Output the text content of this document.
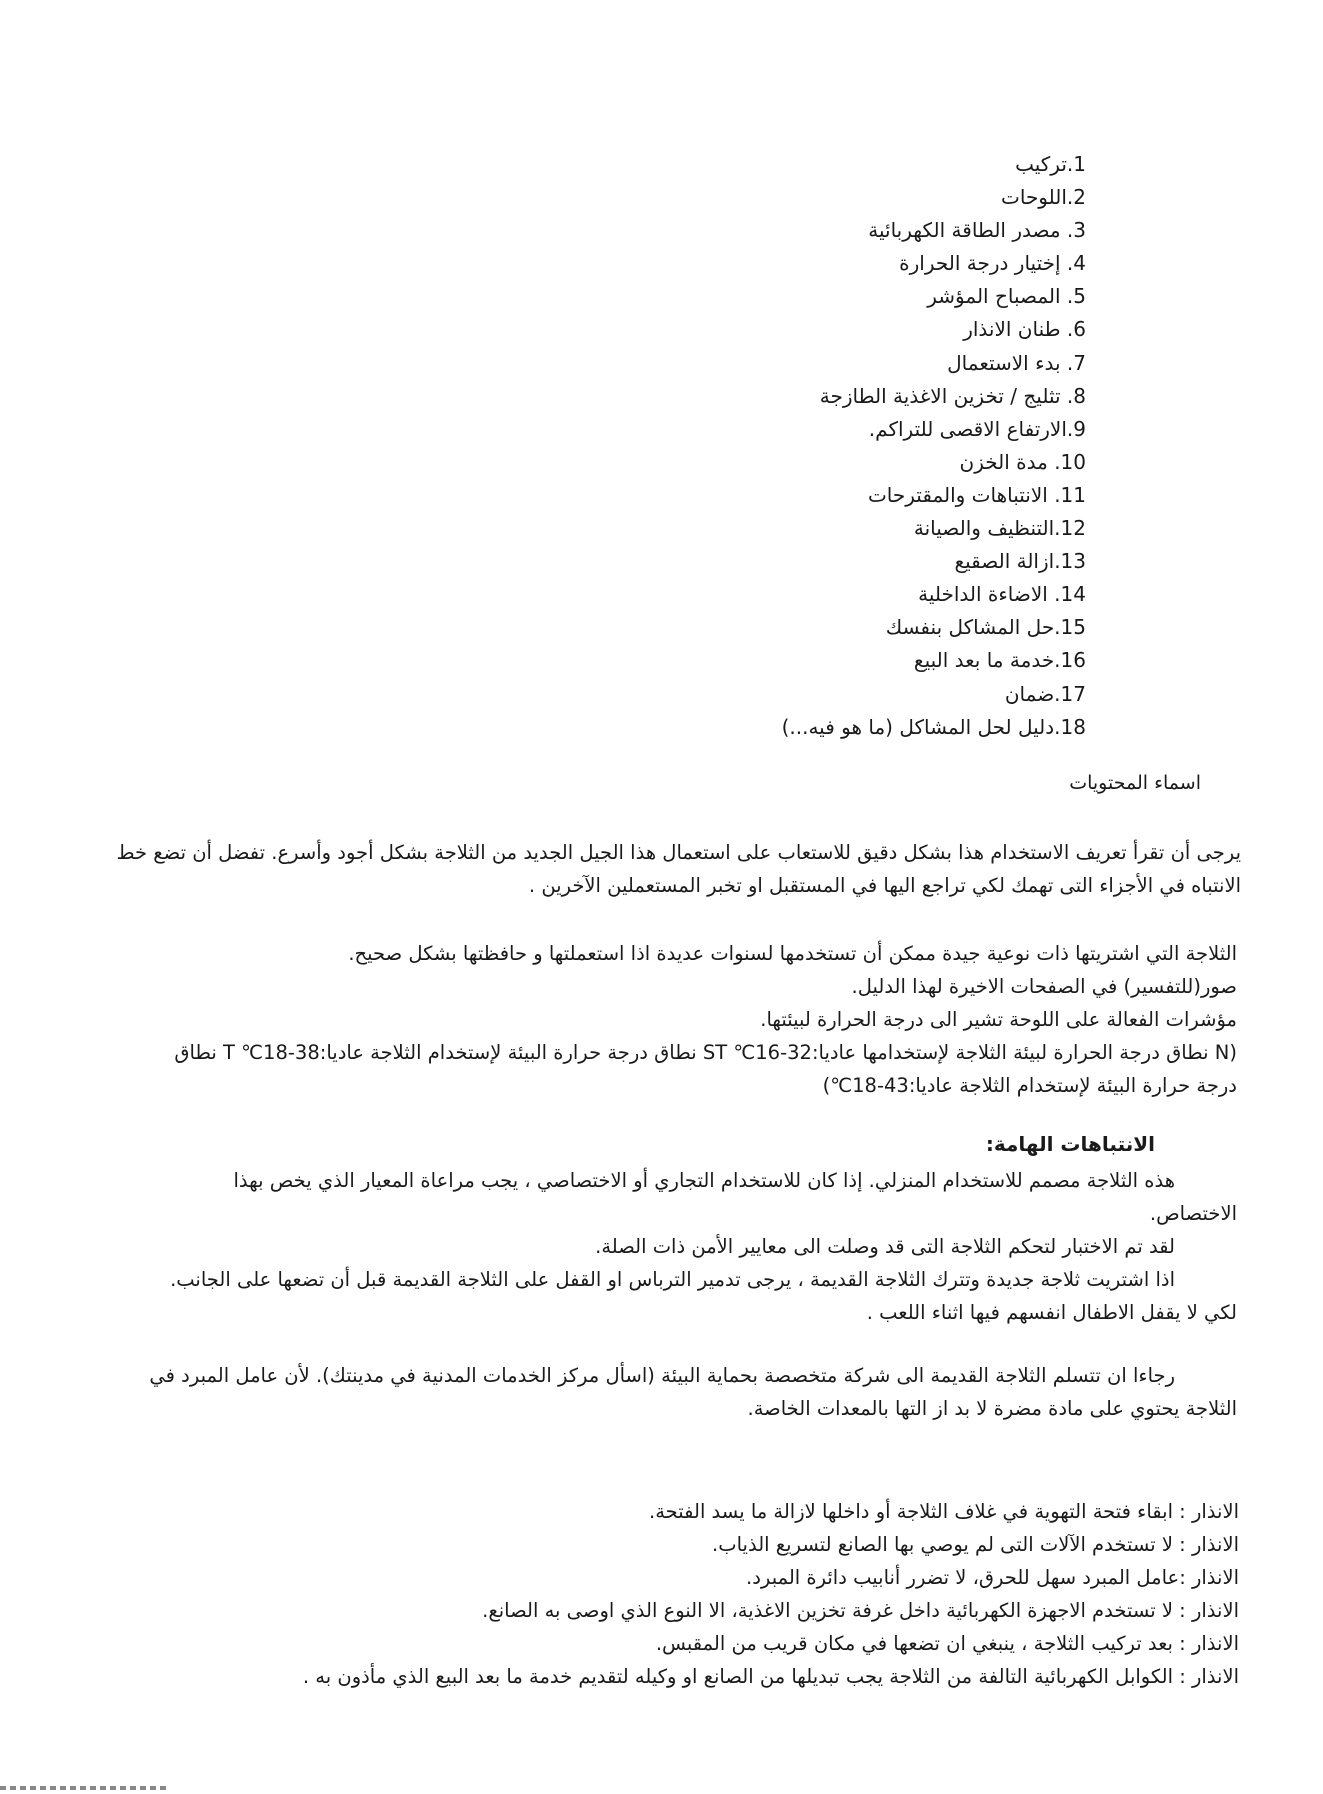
1.تركيب
2.اللوحات
3. مصدر الطاقة الكهربائية
4. إختيار درجة الحرارة
5. المصباح المؤشر
6. طنان الانذار
7. بدء الاستعمال
8. تثليج / تخزين الاغذية الطازجة
9.الارتفاع الاقصى للتراكم.
10. مدة الخزن
11. الانتباهات والمقترحات
12.التنظيف والصيانة
13.ازالة الصقيع
14. الاضاءة الداخلية
15.حل المشاكل بنفسك
16.خدمة ما بعد البيع
17.ضمان
18.دليل لحل المشاكل (ما هو فيه...)
اسماء المحتويات
يرجى أن تقرأ تعريف الاستخدام هذا بشكل دقيق للاستعاب على استعمال هذا الجيل الجديد من الثلاجة بشكل أجود وأسرع. تفضل أن تضع خط الانتباه في الأجزاء التى تهمك لكي تراجع اليها في المستقبل او تخبر المستعملين الآخرين .

الثلاجة التي اشتريتها ذات نوعية جيدة ممكن أن تستخدمها لسنوات عديدة اذا استعملتها و حافظتها بشكل صحيح.

صور(للتفسير) في الصفحات الاخيرة لهذا الدليل.

مؤشرات الفعالة على اللوحة تشير الى درجة الحرارة لبيئتها.

(N نطاق درجة الحرارة لبيئة الثلاجة لإستخدامها عاديا:32-16℃ ST نطاق درجة حرارة البيئة لإستخدام الثلاجة عاديا:38-18℃ T نطاق

درجة حرارة البيئة لإستخدام الثلاجة عاديا:43-18℃)

الانتباهات الهامة:

هذه الثلاجة مصمم للاستخدام المنزلي. إذا كان للاستخدام التجاري أو الاختصاصي ، يجب مراعاة المعيار الذي يخص بهذا

الاختصاص.

لقد تم الاختبار لتحكم الثلاجة التى قد وصلت الى معايير الأمن ذات الصلة.

اذا اشتريت ثلاجة جديدة وتترك الثلاجة القديمة ، يرجى تدمير الترباس او القفل على الثلاجة القديمة قبل أن تضعها على الجانب.

لكي لا يقفل الاطفال انفسهم فيها اثناء اللعب .

رجاءا ان تتسلم الثلاجة القديمة الى شركة متخصصة بحماية البيئة (اسأل مركز الخدمات المدنية في مدينتك). لأن عامل المبرد في

الثلاجة يحتوي على مادة مضرة لا بد از التها بالمعدات الخاصة.

الانذار : ابقاء فتحة التهوية في غلاف الثلاجة أو داخلها لازالة ما يسد الفتحة.

الانذار : لا تستخدم الآلات التى لم يوصي بها الصانع لتسريع الذياب.

الانذار :عامل المبرد سهل للحرق، لا تضرر أنابيب دائرة المبرد.

الانذار : لا تستخدم الاجهزة الكهربائية داخل غرفة تخزين الاغذية، الا النوع الذي اوصى به الصانع.

الانذار : بعد تركيب الثلاجة ، ينبغي ان تضعها في مكان قريب من المقبس.

الانذار : الكوابل الكهربائية التالفة من الثلاجة يجب تبديلها من الصانع او وكيله لتقديم خدمة ما بعد البيع الذي مأذون به .
